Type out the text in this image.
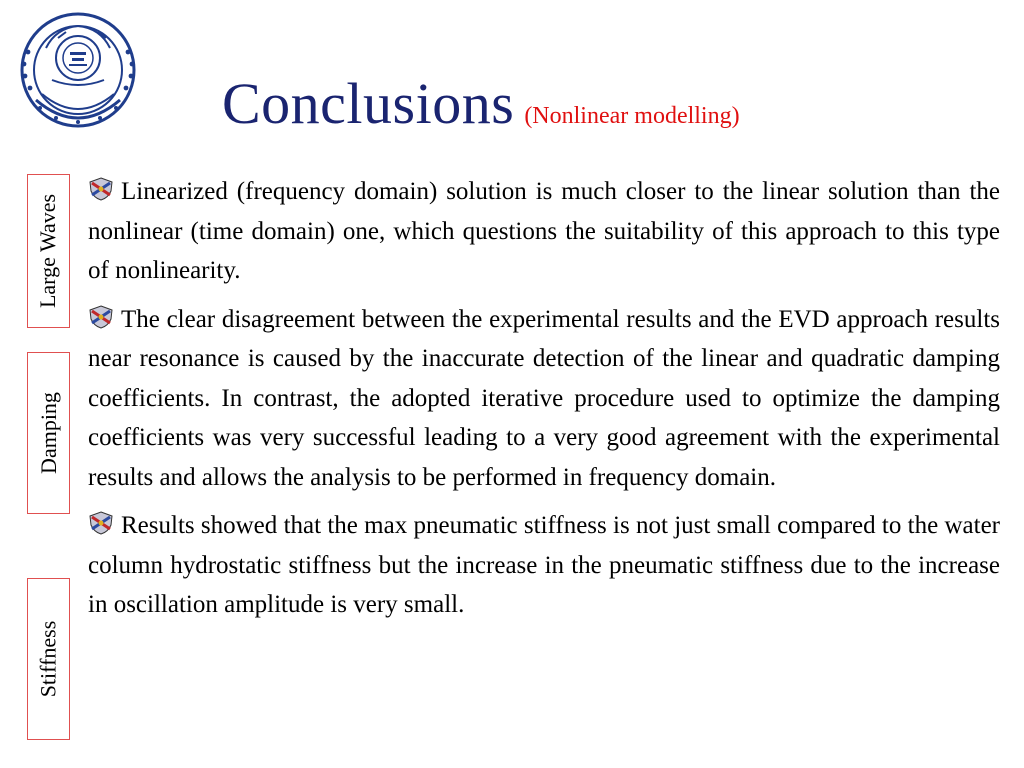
Conclusions (Nonlinear modelling)
Large Waves
Damping
Stiffness

Linearized (frequency domain) solution is much closer to the linear solution than the nonlinear (time domain) one, which questions the suitability of this approach to this type of nonlinearity.

The clear disagreement between the experimental results and the EVD approach results near resonance is caused by the inaccurate detection of the linear and quadratic damping coefficients. In contrast, the adopted iterative procedure used to optimize the damping coefficients was very successful leading to a very good agreement with the experimental results and allows the analysis to be performed in frequency domain.

Results showed that the max pneumatic stiffness is not just small compared to the water column hydrostatic stiffness but the increase in the pneumatic stiffness due to the increase in oscillation amplitude is very small.
